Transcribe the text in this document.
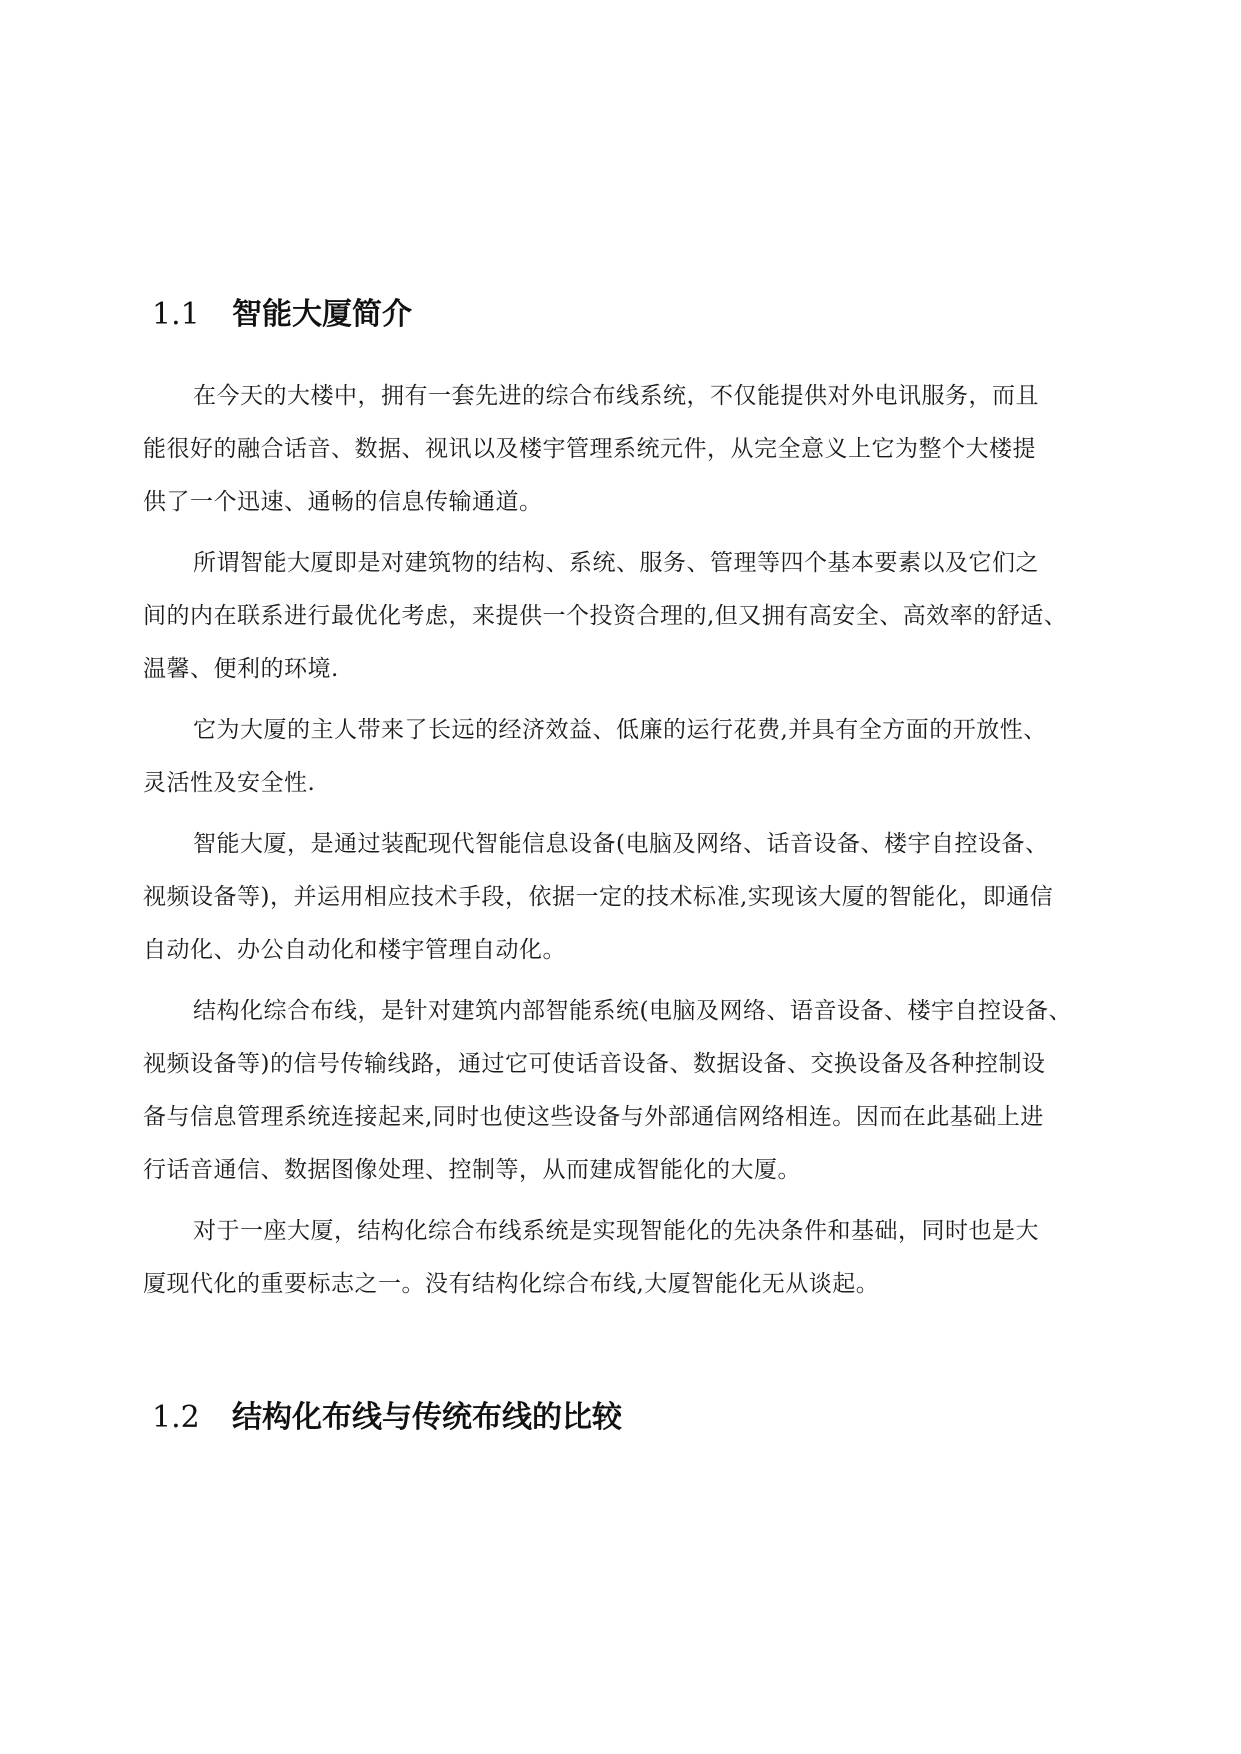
1.1 智能大厦简介
在今天的大楼中，拥有一套先进的综合布线系统，不仅能提供对外电讯服务，而且
能很好的融合话音、数据、视讯以及楼宇管理系统元件，从完全意义上它为整个大楼提
供了一个迅速、通畅的信息传输通道。
所谓智能大厦即是对建筑物的结构、系统、服务、管理等四个基本要素以及它们之
间的内在联系进行最优化考虑，来提供一个投资合理的,但又拥有高安全、高效率的舒适、
温馨、便利的环境.
它为大厦的主人带来了长远的经济效益、低廉的运行花费,并具有全方面的开放性、
灵活性及安全性.
智能大厦，是通过装配现代智能信息设备(电脑及网络、话音设备、楼宇自控设备、
视频设备等)，并运用相应技术手段，依据一定的技术标准,实现该大厦的智能化，即通信
自动化、办公自动化和楼宇管理自动化。
结构化综合布线，是针对建筑内部智能系统(电脑及网络、语音设备、楼宇自控设备、
视频设备等)的信号传输线路，通过它可使话音设备、数据设备、交换设备及各种控制设
备与信息管理系统连接起来,同时也使这些设备与外部通信网络相连。因而在此基础上进
行话音通信、数据图像处理、控制等，从而建成智能化的大厦。
对于一座大厦，结构化综合布线系统是实现智能化的先决条件和基础，同时也是大
厦现代化的重要标志之一。没有结构化综合布线,大厦智能化无从谈起。
1.2 结构化布线与传统布线的比较
